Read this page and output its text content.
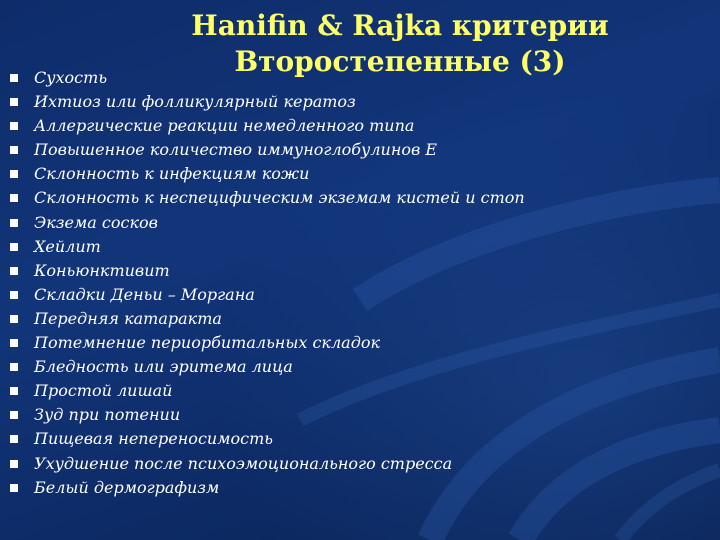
Hanifin & Rajka критерии
Второстепенные (3)
Сухость
Ихтиоз или фолликулярный кератоз
Аллергические реакции немедленного типа
Повышенное количество иммуноглобулинов Е
Склонность к инфекциям кожи
Склонность к неспецифическим экземам кистей и стоп
Экзема сосков
Хейлит
Коньюнктивит
Складки Деньи – Моргана
Передняя катаракта
Потемнение периорбитальных складок
Бледность или эритема лица
Простой лишай
Зуд при потении
Пищевая непереносимость
Ухудшение после психоэмоционального стресса
Белый дермографизм
